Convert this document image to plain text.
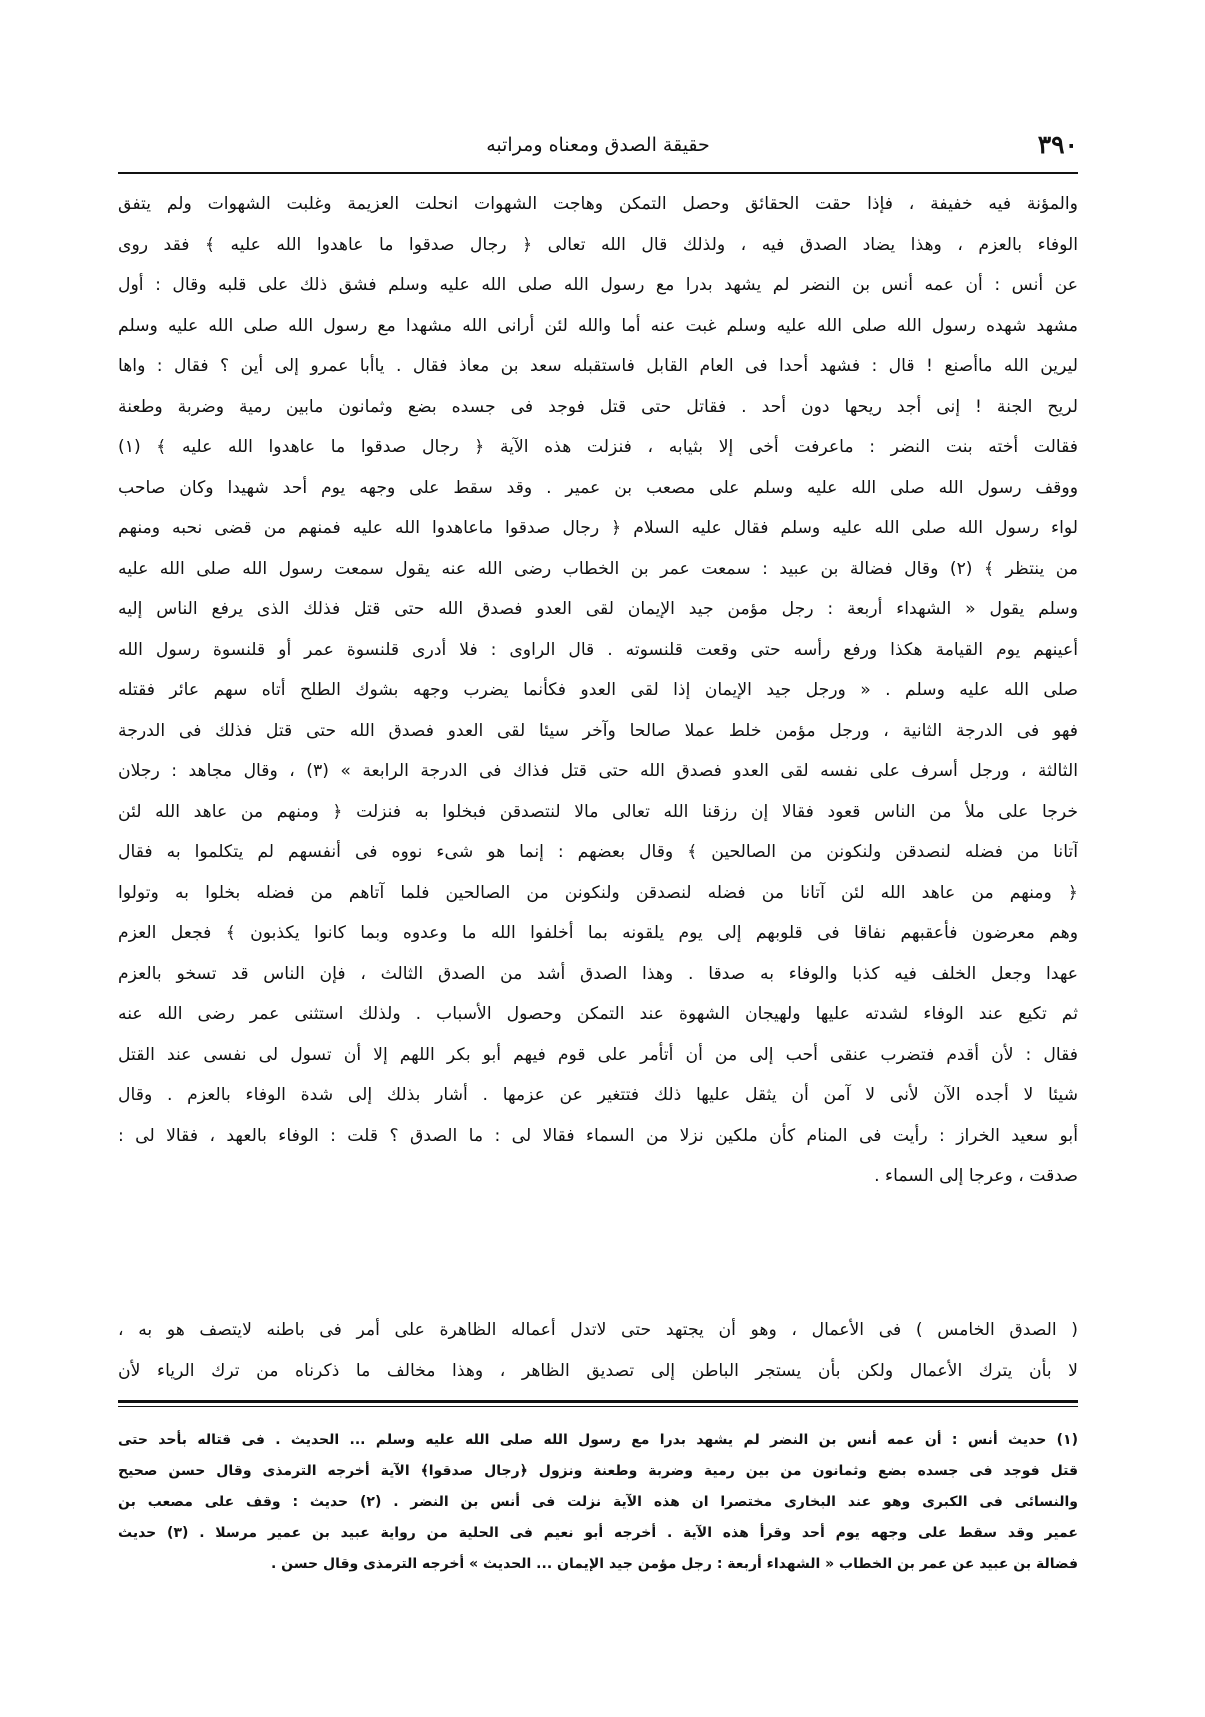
٣٩٠
حقيقة الصدق ومعناه ومراتبه
والمؤنة فيه خفيفة ، فإذا حقت الحقائق وحصل التمكن وهاجت الشهوات انحلت العزيمة وغلبت الشهوات ولم يتفق
الوفاء بالعزم ، وهذا يضاد الصدق فيه ، ولذلك قال الله تعالى ﴿ رجال صدقوا ما عاهدوا الله عليه ﴾ فقد روى
عن أنس : أن عمه أنس بن النضر لم يشهد بدرا مع رسول الله صلى الله عليه وسلم فشق ذلك على قلبه وقال : أول
مشهد شهده رسول الله صلى الله عليه وسلم غبت عنه أما والله لئن أرانى الله مشهدا مع رسول الله صلى الله عليه وسلم
ليرين الله ماأصنع ! قال : فشهد أحدا فى العام القابل فاستقبله سعد بن معاذ فقال . ياأبا عمرو إلى أين ؟ فقال : واها
لريح الجنة ! إنى أجد ريحها دون أحد . فقاتل حتى قتل فوجد فى جسده بضع وثمانون مابين رمية وضربة وطعنة
فقالت أخته بنت النضر : ماعرفت أخى إلا بثيابه ، فنزلت هذه الآية ﴿ رجال صدقوا ما عاهدوا الله عليه ﴾ (١)
ووقف رسول الله صلى الله عليه وسلم على مصعب بن عمير . وقد سقط على وجهه يوم أحد شهيدا وكان صاحب
لواء رسول الله صلى الله عليه وسلم فقال عليه السلام ﴿ رجال صدقوا ماعاهدوا الله عليه فمنهم من قضى نحبه ومنهم
من ينتظر ﴾ (٢) وقال فضالة بن عبيد : سمعت عمر بن الخطاب رضى الله عنه يقول سمعت رسول الله صلى الله عليه
وسلم يقول « الشهداء أربعة : رجل مؤمن جيد الإيمان لقى العدو فصدق الله حتى قتل فذلك الذى يرفع الناس إليه
أعينهم يوم القيامة هكذا ورفع رأسه حتى وقعت قلنسوته . قال الراوى : فلا أدرى قلنسوة عمر أو قلنسوة رسول الله
صلى الله عليه وسلم . « ورجل جيد الإيمان إذا لقى العدو فكأنما يضرب وجهه بشوك الطلح أتاه سهم عائر فقتله
فهو فى الدرجة الثانية ، ورجل مؤمن خلط عملا صالحا وآخر سيئا لقى العدو فصدق الله حتى قتل فذلك فى الدرجة
الثالثة ، ورجل أسرف على نفسه لقى العدو فصدق الله حتى قتل فذاك فى الدرجة الرابعة » (٣) ، وقال مجاهد : رجلان
خرجا على ملأ من الناس قعود فقالا إن رزقنا الله تعالى مالا لنتصدقن فبخلوا به فنزلت ﴿ ومنهم من عاهد الله لئن
آتانا من فضله لنصدقن ولنكونن من الصالحين ﴾ وقال بعضهم : إنما هو شىء نووه فى أنفسهم لم يتكلموا به فقال
﴿ ومنهم من عاهد الله لئن آتانا من فضله لنصدقن ولنكونن من الصالحين فلما آتاهم من فضله بخلوا به وتولوا
وهم معرضون فأعقبهم نفاقا فى قلوبهم إلى يوم يلقونه بما أخلفوا الله ما وعدوه وبما كانوا يكذبون ﴾ فجعل العزم
عهدا وجعل الخلف فيه كذبا والوفاء به صدقا . وهذا الصدق أشد من الصدق الثالث ، فإن الناس قد تسخو بالعزم
ثم تكيع عند الوفاء لشدته عليها ولهيجان الشهوة عند التمكن وحصول الأسباب . ولذلك استثنى عمر رضى الله عنه
فقال : لأن أقدم فتضرب عنقى أحب إلى من أن أتأمر على قوم فيهم أبو بكر اللهم إلا أن تسول لى نفسى عند القتل
شيئا لا أجده الآن لأنى لا آمن أن يثقل عليها ذلك فتتغير عن عزمها . أشار بذلك إلى شدة الوفاء بالعزم . وقال
أبو سعيد الخراز : رأيت فى المنام كأن ملكين نزلا من السماء فقالا لى : ما الصدق ؟ قلت : الوفاء بالعهد ، فقالا لى :
صدقت ، وعرجا إلى السماء .
( الصدق الخامس ) فى الأعمال ، وهو أن يجتهد حتى لاتدل أعماله الظاهرة على أمر فى باطنه لايتصف هو به ،
لا بأن يترك الأعمال ولكن بأن يستجر الباطن إلى تصديق الظاهر ، وهذا مخالف ما ذكرناه من ترك الرياء لأن
(١) حديث أنس : أن عمه أنس بن النضر لم يشهد بدرا مع رسول الله صلى الله عليه وسلم ... الحديث . فى قتاله بأحد حتى
قتل فوجد فى جسده بضع وثمانون من بين رمية وضربة وطعنة ونزول ﴿رجال صدقوا﴾ الآية أخرجه الترمذى وقال حسن صحيح
والنسائى فى الكبرى وهو عند البخارى مختصرا ان هذه الآية نزلت فى أنس بن النضر . (٢) حديث : وقف على مصعب بن
عمير وقد سقط على وجهه يوم أحد وقرأ هذه الآية . أخرجه أبو نعيم فى الحلية من رواية عبيد بن عمير مرسلا . (٣) حديث
فضالة بن عبيد عن عمر بن الخطاب « الشهداء أربعة : رجل مؤمن جيد الإيمان ... الحديث » أخرجه الترمذى وقال حسن .
